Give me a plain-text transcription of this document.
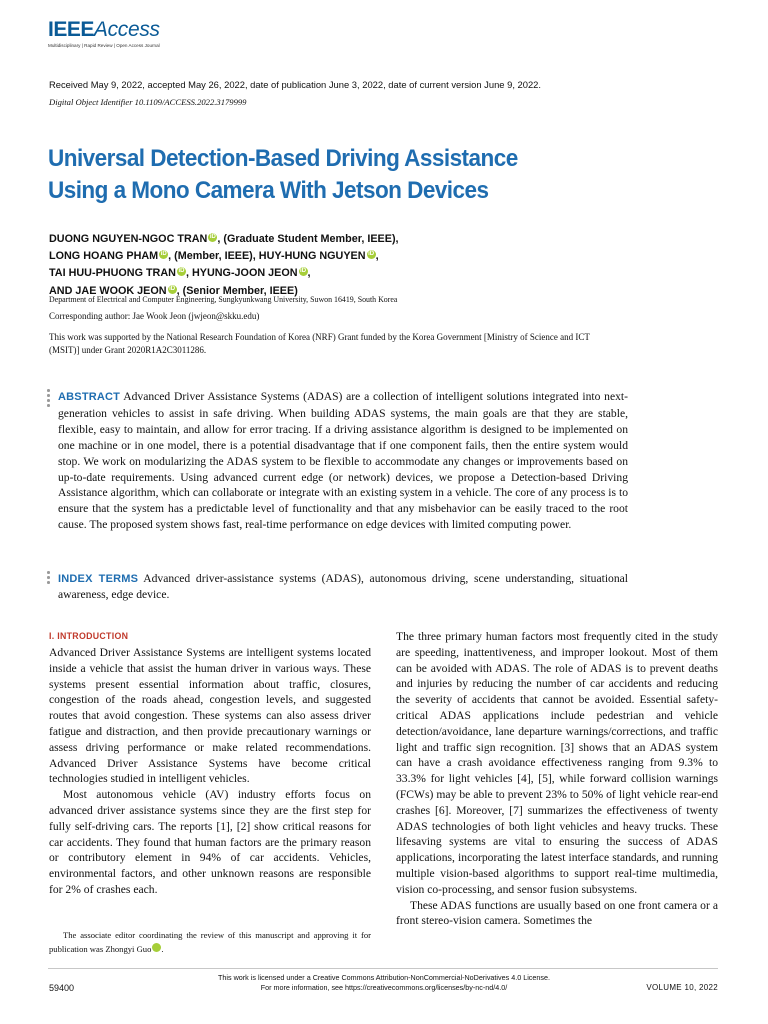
IEEEAccess
Multidisciplinary | Rapid Review | Open Access Journal
Received May 9, 2022, accepted May 26, 2022, date of publication June 3, 2022, date of current version June 9, 2022.
Digital Object Identifier 10.1109/ACCESS.2022.3179999
Universal Detection-Based Driving Assistance
Using a Mono Camera With Jetson Devices
DUONG NGUYEN-NGOC TRAN iD , (Graduate Student Member, IEEE),
LONG HOANG PHAM iD , (Member, IEEE), HUY-HUNG NGUYEN iD ,
TAI HUU-PHUONG TRAN iD , HYUNG-JOON JEON iD ,
AND JAE WOOK JEON iD , (Senior Member, IEEE)
Department of Electrical and Computer Engineering, Sungkyunkwang University, Suwon 16419, South Korea
Corresponding author: Jae Wook Jeon (jwjeon@skku.edu)
This work was supported by the National Research Foundation of Korea (NRF) Grant funded by the Korea Government [Ministry of Science and ICT (MSIT)] under Grant 2020R1A2C3011286.
ABSTRACT Advanced Driver Assistance Systems (ADAS) are a collection of intelligent solutions integrated into next-generation vehicles to assist in safe driving. When building ADAS systems, the main goals are that they are stable, flexible, easy to maintain, and allow for error tracing. If a driving assistance algorithm is designed to be implemented on one machine or in one model, there is a potential disadvantage that if one component fails, then the entire system would stop. We work on modularizing the ADAS system to be flexible to accommodate any changes or improvements based on up-to-date requirements. Using advanced current edge (or network) devices, we propose a Detection-based Driving Assistance algorithm, which can collaborate or integrate with an existing system in a vehicle. The core of any process is to ensure that the system has a predictable level of functionality and that any misbehavior can be easily traced to the root cause. The proposed system shows fast, real-time performance on edge devices with limited computing power.
INDEX TERMS Advanced driver-assistance systems (ADAS), autonomous driving, scene understanding, situational awareness, edge device.
I. INTRODUCTION

Advanced Driver Assistance Systems are intelligent systems located inside a vehicle that assist the human driver in various ways. These systems present essential information about traffic, closures, congestion of the roads ahead, congestion levels, and suggested routes that avoid congestion. These systems can also assess driver fatigue and distraction, and then provide precautionary warnings or assess driving performance or make related recommendations. Advanced Driver Assistance Systems have become critical technologies studied in intelligent vehicles.

Most autonomous vehicle (AV) industry efforts focus on advanced driver assistance systems since they are the first step for fully self-driving cars. The reports [1], [2] show critical reasons for car accidents. They found that human factors are the primary reason or contributory element in 94% of car accidents. Vehicles, environmental factors, and other unknown reasons are responsible for 2% of crashes each.

The three primary human factors most frequently cited in the study are speeding, inattentiveness, and improper lookout. Most of them can be avoided with ADAS. The role of ADAS is to prevent deaths and injuries by reducing the number of car accidents and reducing the severity of accidents that cannot be avoided. Essential safety-critical ADAS applications include pedestrian and vehicle detection/avoidance, lane departure warnings/corrections, and traffic light and traffic sign recognition. [3] shows that an ADAS system can have a crash avoidance effectiveness ranging from 9.3% to 33.3% for light vehicles [4], [5], while forward collision warnings (FCWs) may be able to prevent 23% to 50% of light vehicle rear-end crashes [6]. Moreover, [7] summarizes the effectiveness of twenty ADAS technologies of both light vehicles and heavy trucks. These lifesaving systems are vital to ensuring the success of ADAS applications, incorporating the latest interface standards, and running multiple vision-based algorithms to support real-time multimedia, vision co-processing, and sensor fusion subsystems.

These ADAS functions are usually based on one front camera or a front stereo-vision camera. Sometimes the

The associate editor coordinating the review of this manuscript and approving it for publication was Zhongyi Guo	iD.
59400
This work is licensed under a Creative Commons Attribution-NonCommercial-NoDerivatives 4.0 License.
For more information, see https://creativecommons.org/licenses/by-nc-nd/4.0/	VOLUME 10, 2022
